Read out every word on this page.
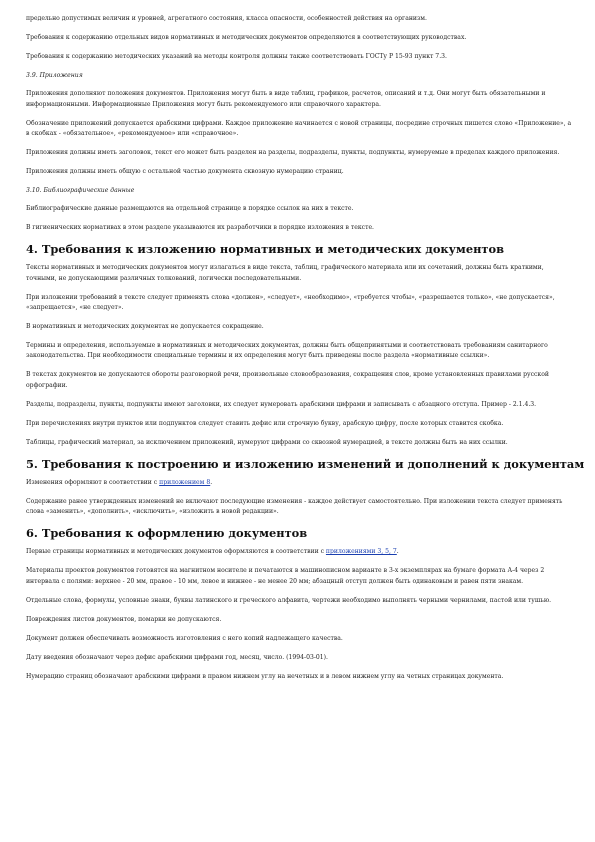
предельно допустимых величин и уровней, агрегатного состояния, класса опасности, особенностей действия на организм.

Требования к содержанию отдельных видов нормативных и методических документов определяются в соответствующих руководствах.

Требования к содержанию методических указаний на методы контроля должны также соответствовать ГОСТу Р 15-93 пункт 7.3.

3.9. Приложения

Приложения дополняют положения документов. Приложения могут быть в виде таблиц, графиков, расчетов, описаний и т.д. Они могут быть обязательными и информационными. Информационные Приложения могут быть рекомендуемого или справочного характера.

Обозначение приложений допускается арабскими цифрами. Каждое приложение начинается с новой страницы, посредине строчных пишется слово «Приложение», а в скобках - «обязательное», «рекомендуемое» или «справочное».

Приложения должны иметь заголовок, текст его может быть разделен на разделы, подразделы, пункты, подпункты, нумеруемые в пределах каждого приложения.

Приложения должны иметь общую с остальной частью документа сквозную нумерацию страниц.

3.10. Библиографические данные

Библиографические данные размещаются на отдельной странице в порядке ссылок на них в тексте.

В гигиенических нормативах в этом разделе указываются их разработчики в порядке изложения в тексте.

4. Требования к изложению нормативных и методических документов

Тексты нормативных и методических документов могут излагаться в виде текста, таблиц, графического материала или их сочетаний, должны быть краткими, точными, не допускающими различных толкований, логически последовательными.

При изложении требований в тексте следует применять слова «должен», «следует», «необходимо», «требуется чтобы», «разрешается только», «не допускается», «запрещается», «не следует».

В нормативных и методических документах не допускается сокращение.

Термины и определения, используемые в нормативных и методических документах, должны быть общепринятыми и соответствовать требованиям санитарного законодательства. При необходимости специальные термины и их определения могут быть приведены после раздела «нормативные ссылки».

В текстах документов не допускаются обороты разговорной речи, произвольные словообразования, сокращения слов, кроме установленных правилами русской орфографии.

Разделы, подразделы, пункты, подпункты имеют заголовки, их следует нумеровать арабскими цифрами и записывать с абзацного отступа. Пример - 2.1.4.3.

При перечислениях внутри пунктов или подпунктов следует ставить дефис или строчную букву, арабскую цифру, после которых ставится скобка.

Таблицы, графический материал, за исключением приложений, нумеруют цифрами со сквозной нумерацией, в тексте должны быть на них ссылки.

5. Требования к построению и изложению изменений и дополнений к документам

Изменения оформляют в соответствии с приложением 8.

Содержание ранее утвержденных изменений не включают последующие изменения - каждое действует самостоятельно. При изложении текста следует применять слова «заменить», «дополнить», «исключить», «изложить в новой редакции».

6. Требования к оформлению документов

Первые страницы нормативных и методических документов оформляются в соответствии с приложениями 3, 5, 7.

Материалы проектов документов готовятся на магнитном носителе и печатаются в машинописном варианте в 3-х экземплярах на бумаге формата А-4 через 2 интервала с полями: верхнее - 20 мм, правое - 10 мм, левое и нижнее - не менее 20 мм; абзацный отступ должен быть одинаковым и равен пяти знакам.

Отдельные слова, формулы, условные знаки, буквы латинского и греческого алфавита, чертежи необходимо выполнять черными чернилами, пастой или тушью.

Повреждения листов документов, помарки не допускаются.

Документ должен обеспечивать возможность изготовления с него копий надлежащего качества.

Дату введения обозначают через дефис арабскими цифрами год, месяц, число. (1994-03-01).

Нумерацию страниц обозначают арабскими цифрами в правом нижнем углу на нечетных и в левом нижнем углу на четных страницах документа.
